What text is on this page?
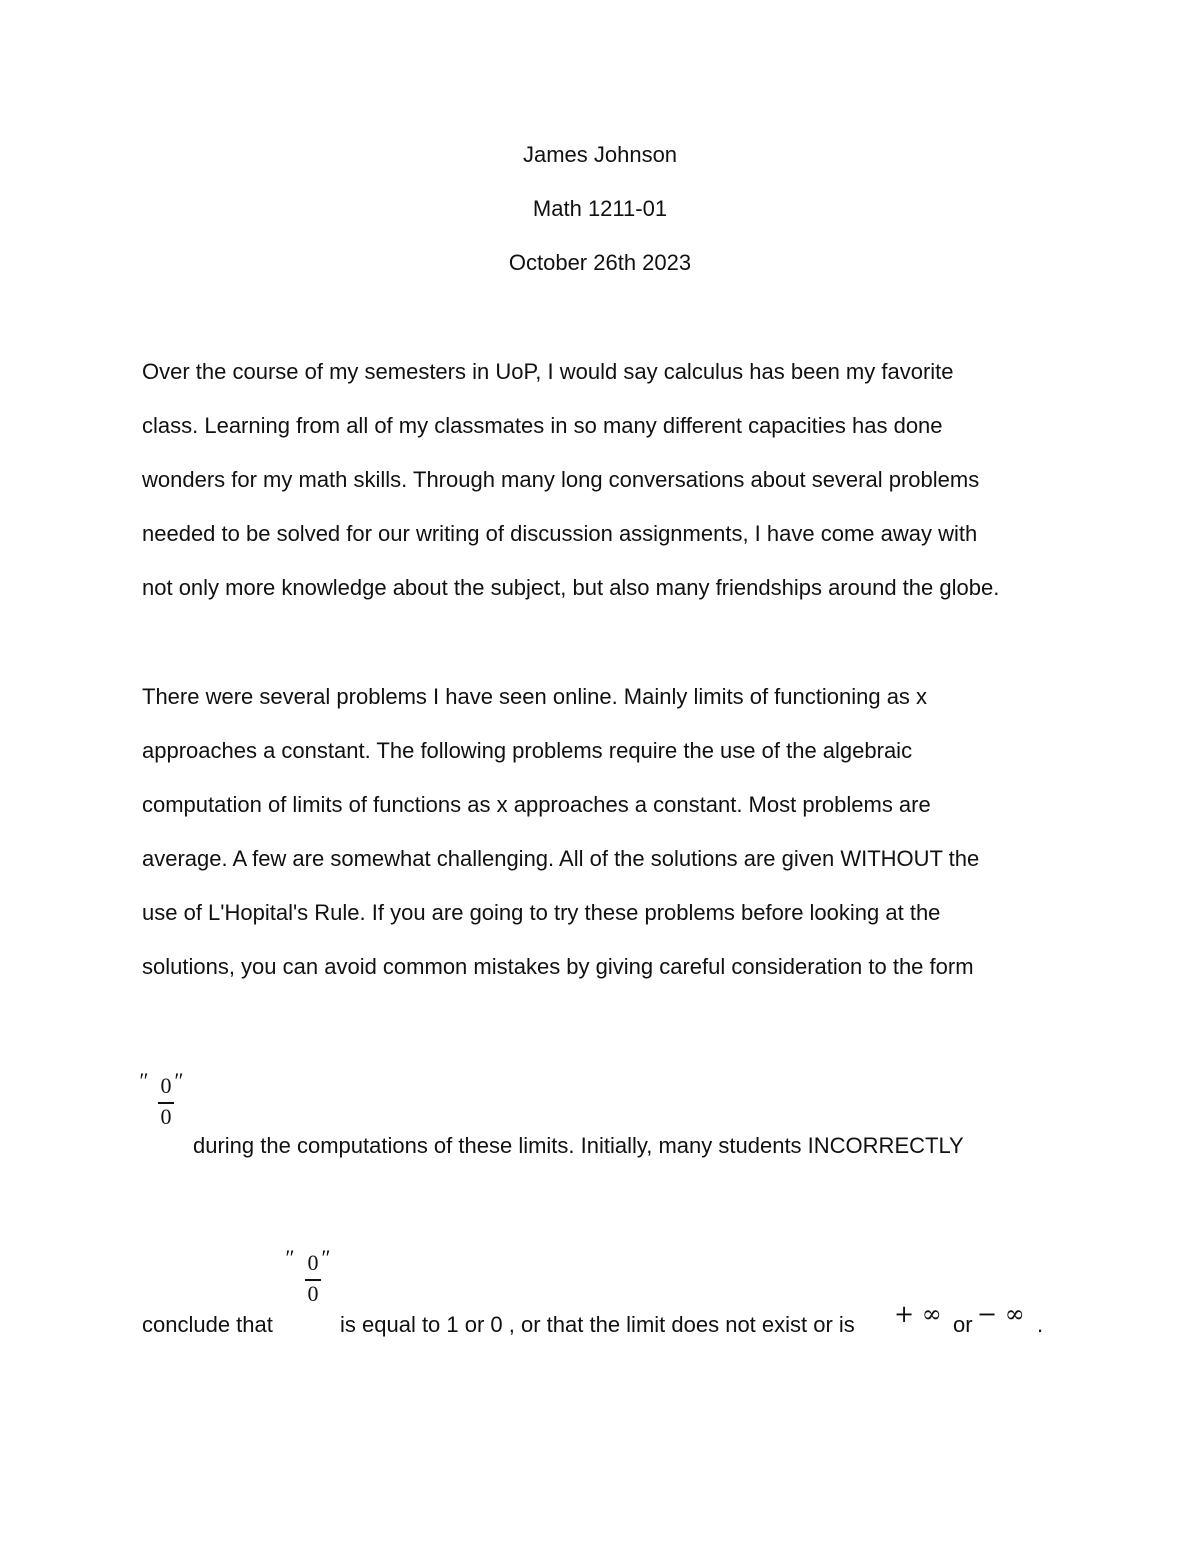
James Johnson
Math 1211-01
October 26th 2023
Over the course of my semesters in UoP, I would say calculus has been my favorite
class. Learning from all of my classmates in so many different capacities has done
wonders for my math skills. Through many long conversations about several problems
needed to be solved for our writing of discussion assignments, I have come away with
not only more knowledge about the subject, but also many friendships around the globe.
There were several problems I have seen online. Mainly limits of functioning as x
approaches a constant. The following problems require the use of the algebraic
computation of limits of functions as x approaches a constant. Most problems are
average. A few are somewhat challenging. All of the solutions are given WITHOUT the
use of L'Hopital's Rule. If you are going to try these problems before looking at the
solutions, you can avoid common mistakes by giving careful consideration to the form
″ 0 ″
0
during the computations of these limits. Initially, many students INCORRECTLY
″ 0 ″
0
conclude that	is equal to 1 or 0 , or that the limit does not exist or is + ∞ or − ∞ .
